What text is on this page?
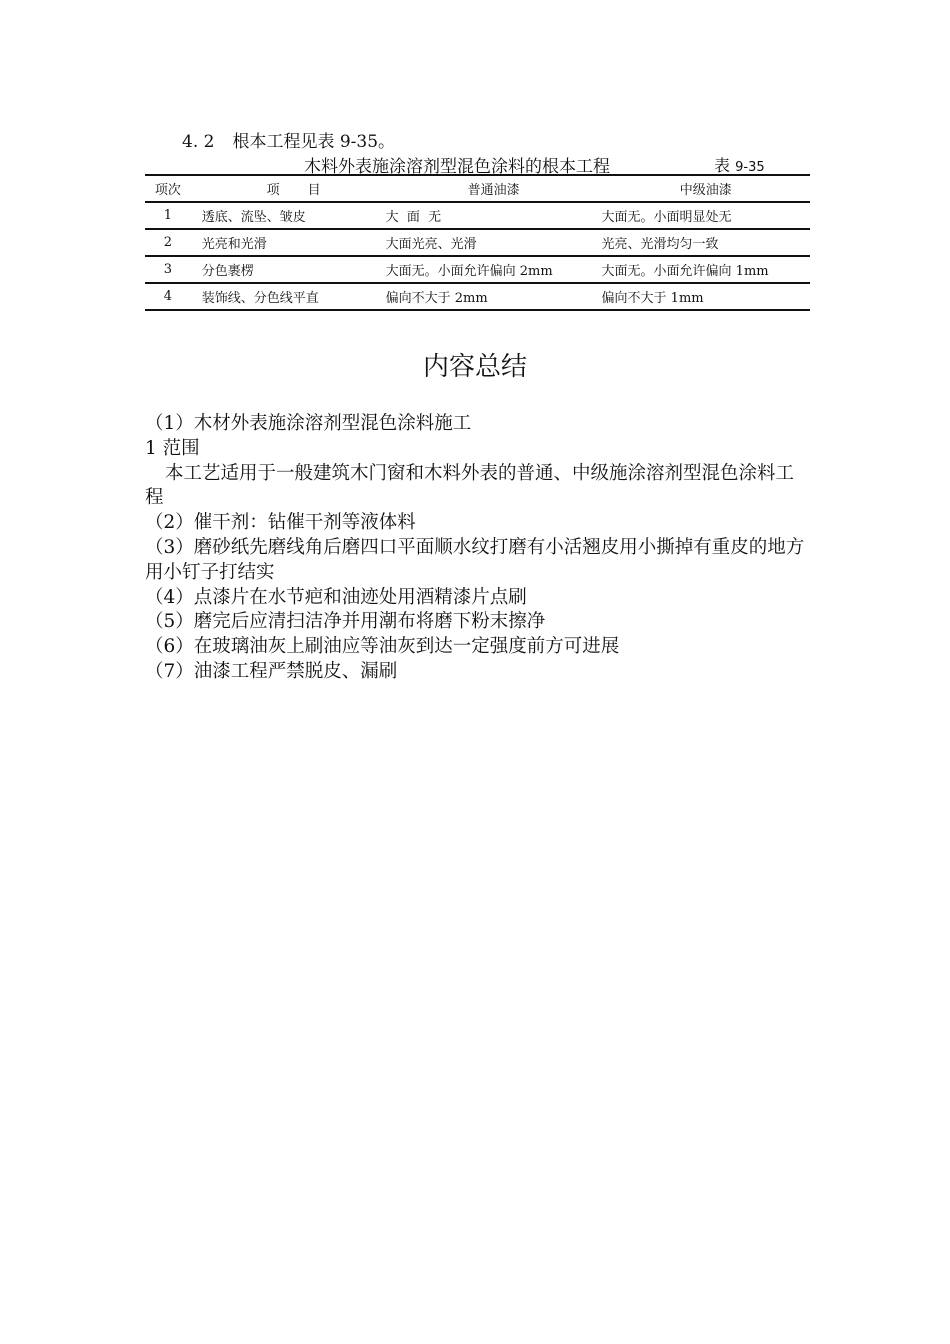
4. 2 根本工程见表 9-35。
木料外表施涂溶剂型混色涂料的根本工程	表 9-35
项次	项 目	普通油漆	中级油漆
1	透底、流坠、皱皮	大  面  无	大面无。小面明显处无
2	光亮和光滑	大面光亮、光滑	光亮、光滑均匀一致
3	分色裹楞	大面无。小面允许偏向 2mm	大面无。小面允许偏向 1mm
4	装饰线、分色线平直	偏向不大于 2mm	偏向不大于 1mm
内容总结

（1）木材外表施涂溶剂型混色涂料施工

1 范围

本工艺适用于一般建筑木门窗和木料外表的普通、中级施涂溶剂型混色涂料工程

（2）催干剂：钻催干剂等液体料

（3）磨砂纸先磨线角后磨四口平面顺水纹打磨有小活翘皮用小撕掉有重皮的地方用小钉子打结实

（4）点漆片在水节疤和油迹处用酒精漆片点刷

（5）磨完后应清扫洁净并用潮布将磨下粉末擦净

（6）在玻璃油灰上刷油应等油灰到达一定强度前方可进展

（7）油漆工程严禁脱皮、漏刷
